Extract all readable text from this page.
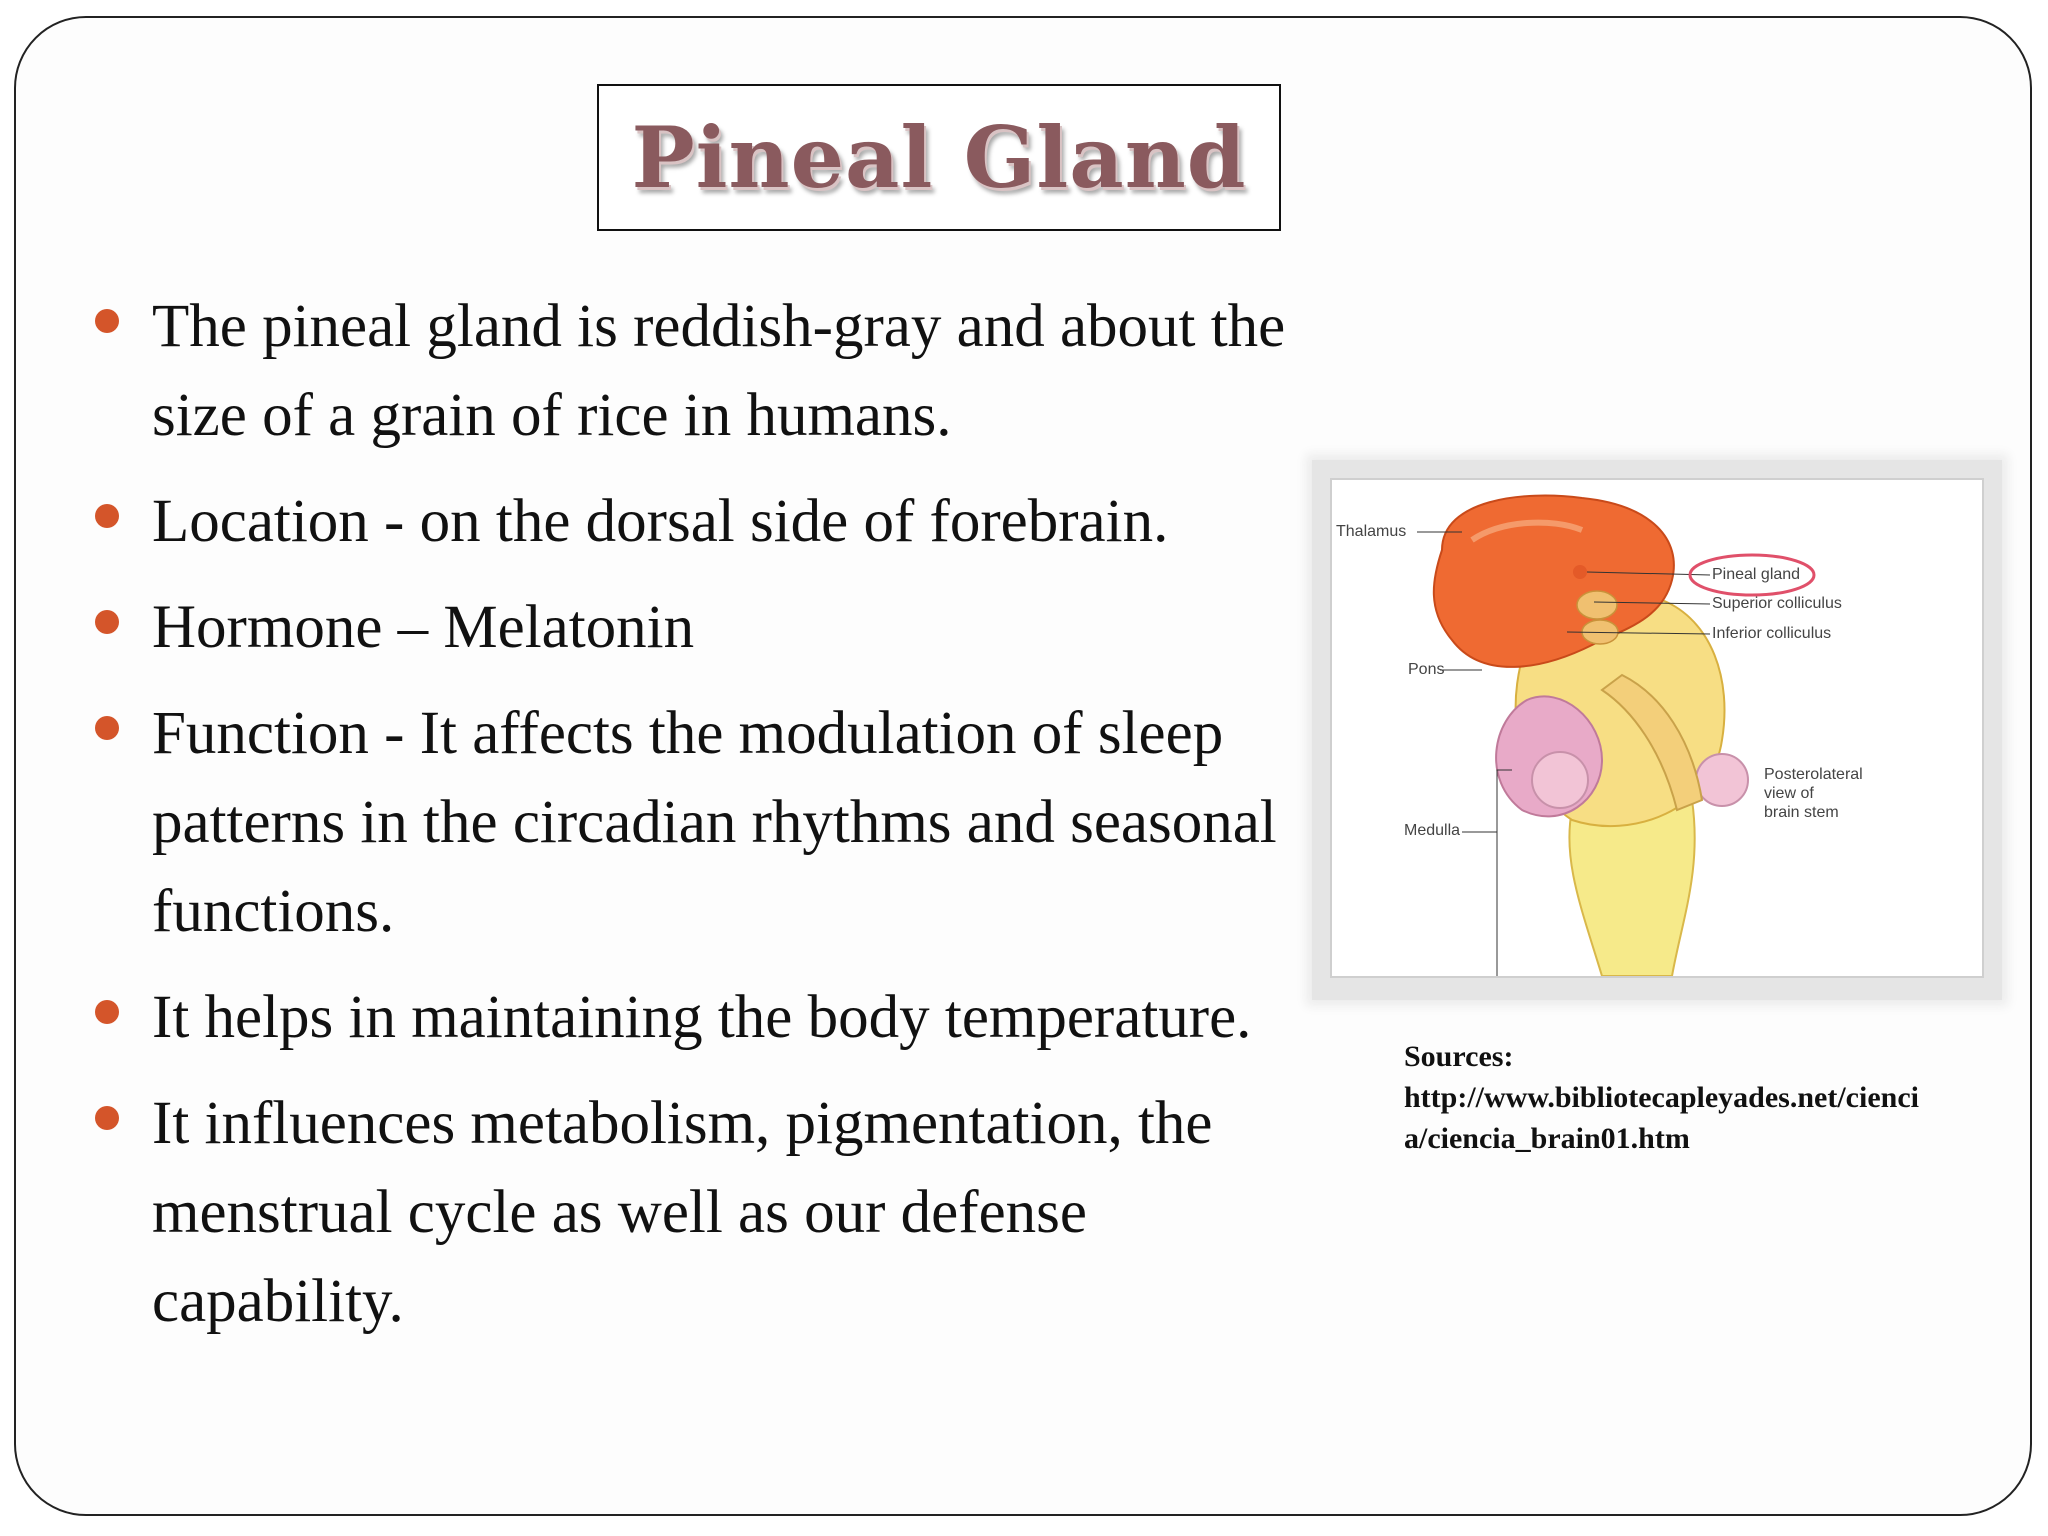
Pineal Gland
The pineal gland is reddish-gray and about the size of a grain of rice in humans.
Location - on the dorsal side of forebrain.
Hormone – Melatonin
Function - It affects the modulation of sleep patterns in the circadian rhythms and seasonal functions.
It helps in maintaining the body temperature.
It influences metabolism, pigmentation, the menstrual cycle as well as our defense capability.
Thalamus
Pineal gland
Superior colliculus
Inferior colliculus
Pons
Medulla
Posterolateral
view of
brain stem
Sources:
http://www.bibliotecapleyades.net/ciencia/ciencia_brain01.htm
